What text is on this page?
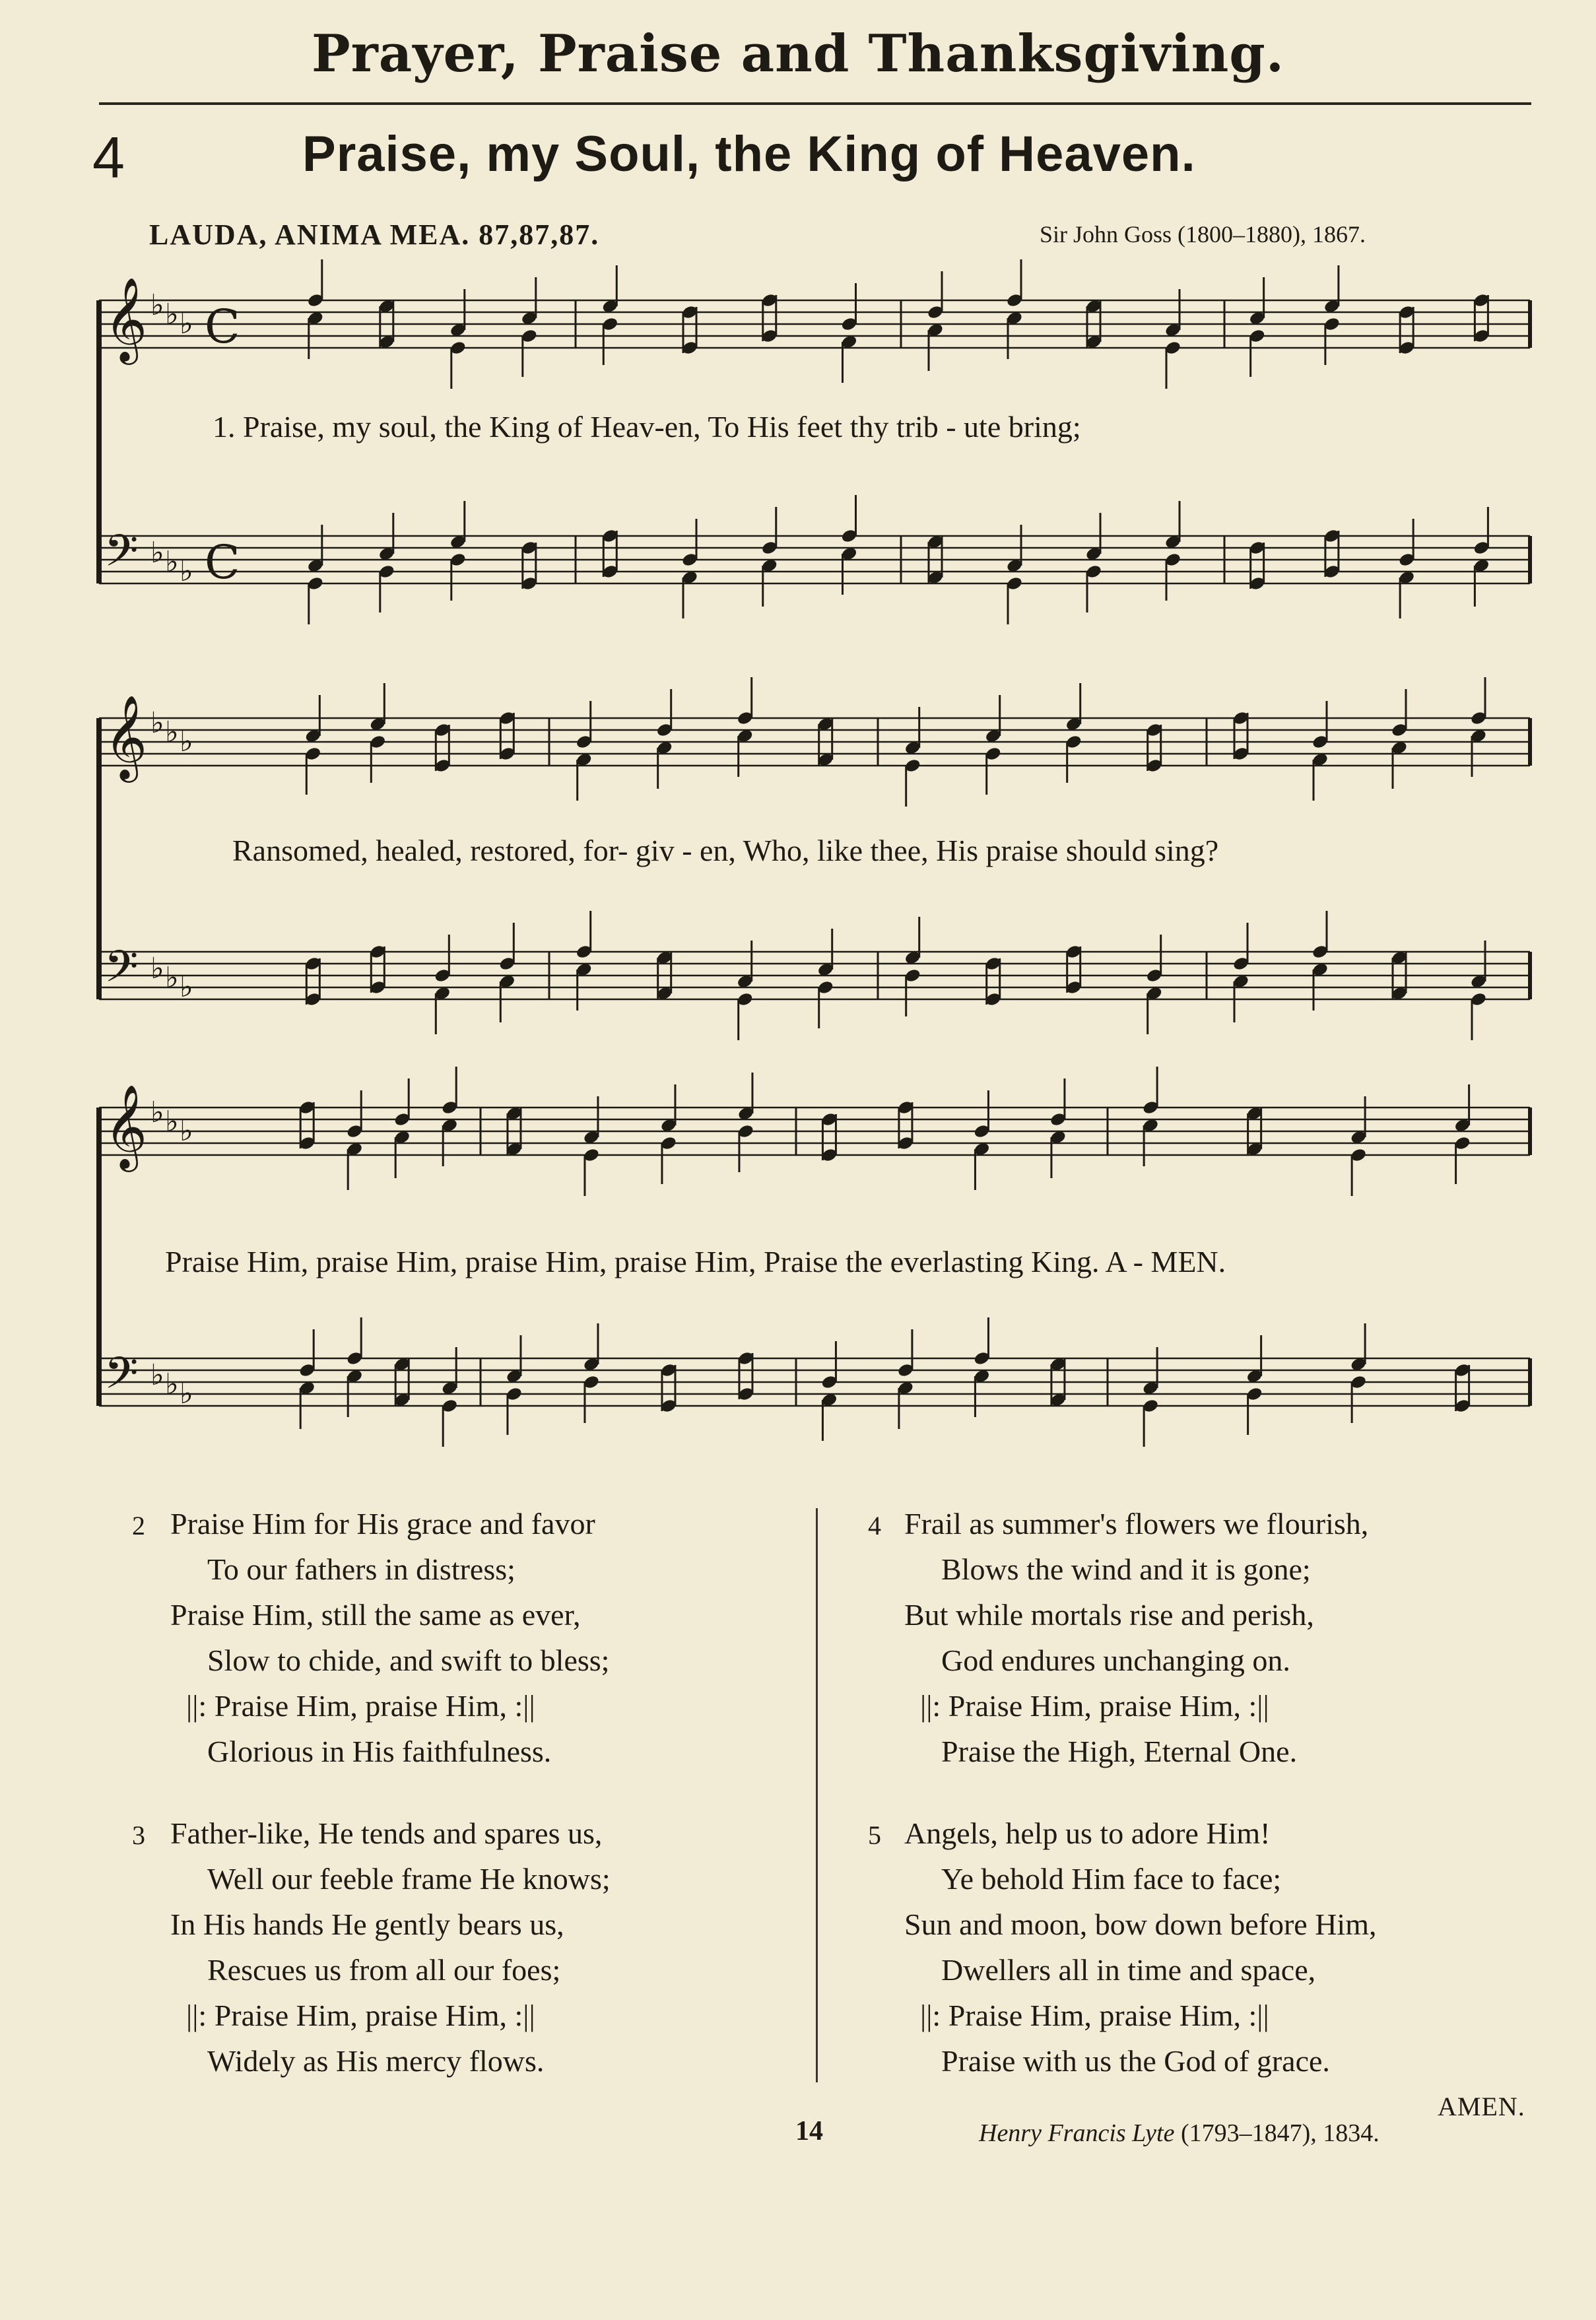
Prayer, Praise and Thanksgiving.
4	Praise, my Soul, the King of Heaven.
LAUDA, ANIMA MEA. 87,87,87.	Sir John Goss (1800–1880), 1867.
𝄞 ♭ ♭ ♭ C
𝄢 ♭ ♭ ♭ C
𝄞 ♭ ♭ ♭
𝄢 ♭ ♭ ♭
𝄞 ♭ ♭ ♭
𝄢 ♭ ♭ ♭
1. Praise, my soul, the King of Heav-en, To His feet thy trib - ute bring;
Ransomed, healed, restored, for- giv - en, Who, like thee, His praise should sing?
Praise Him, praise Him, praise Him, praise Him, Praise the everlasting King. A - MEN.
2 Praise Him for His grace and favor
To our fathers in distress;
Praise Him, still the same as ever,
Slow to chide, and swift to bless;
||: Praise Him, praise Him, :||
Glorious in His faithfulness.
3 Father-like, He tends and spares us,
Well our feeble frame He knows;
In His hands He gently bears us,
Rescues us from all our foes;
||: Praise Him, praise Him, :||
Widely as His mercy flows.
4 Frail as summer's flowers we flourish,
Blows the wind and it is gone;
But while mortals rise and perish,
God endures unchanging on.
||: Praise Him, praise Him, :||
Praise the High, Eternal One.
5 Angels, help us to adore Him!
Ye behold Him face to face;
Sun and moon, bow down before Him,
Dwellers all in time and space,
||: Praise Him, praise Him, :||
Praise with us the God of grace.
AMEN.
14	Henry Francis Lyte (1793–1847), 1834.
